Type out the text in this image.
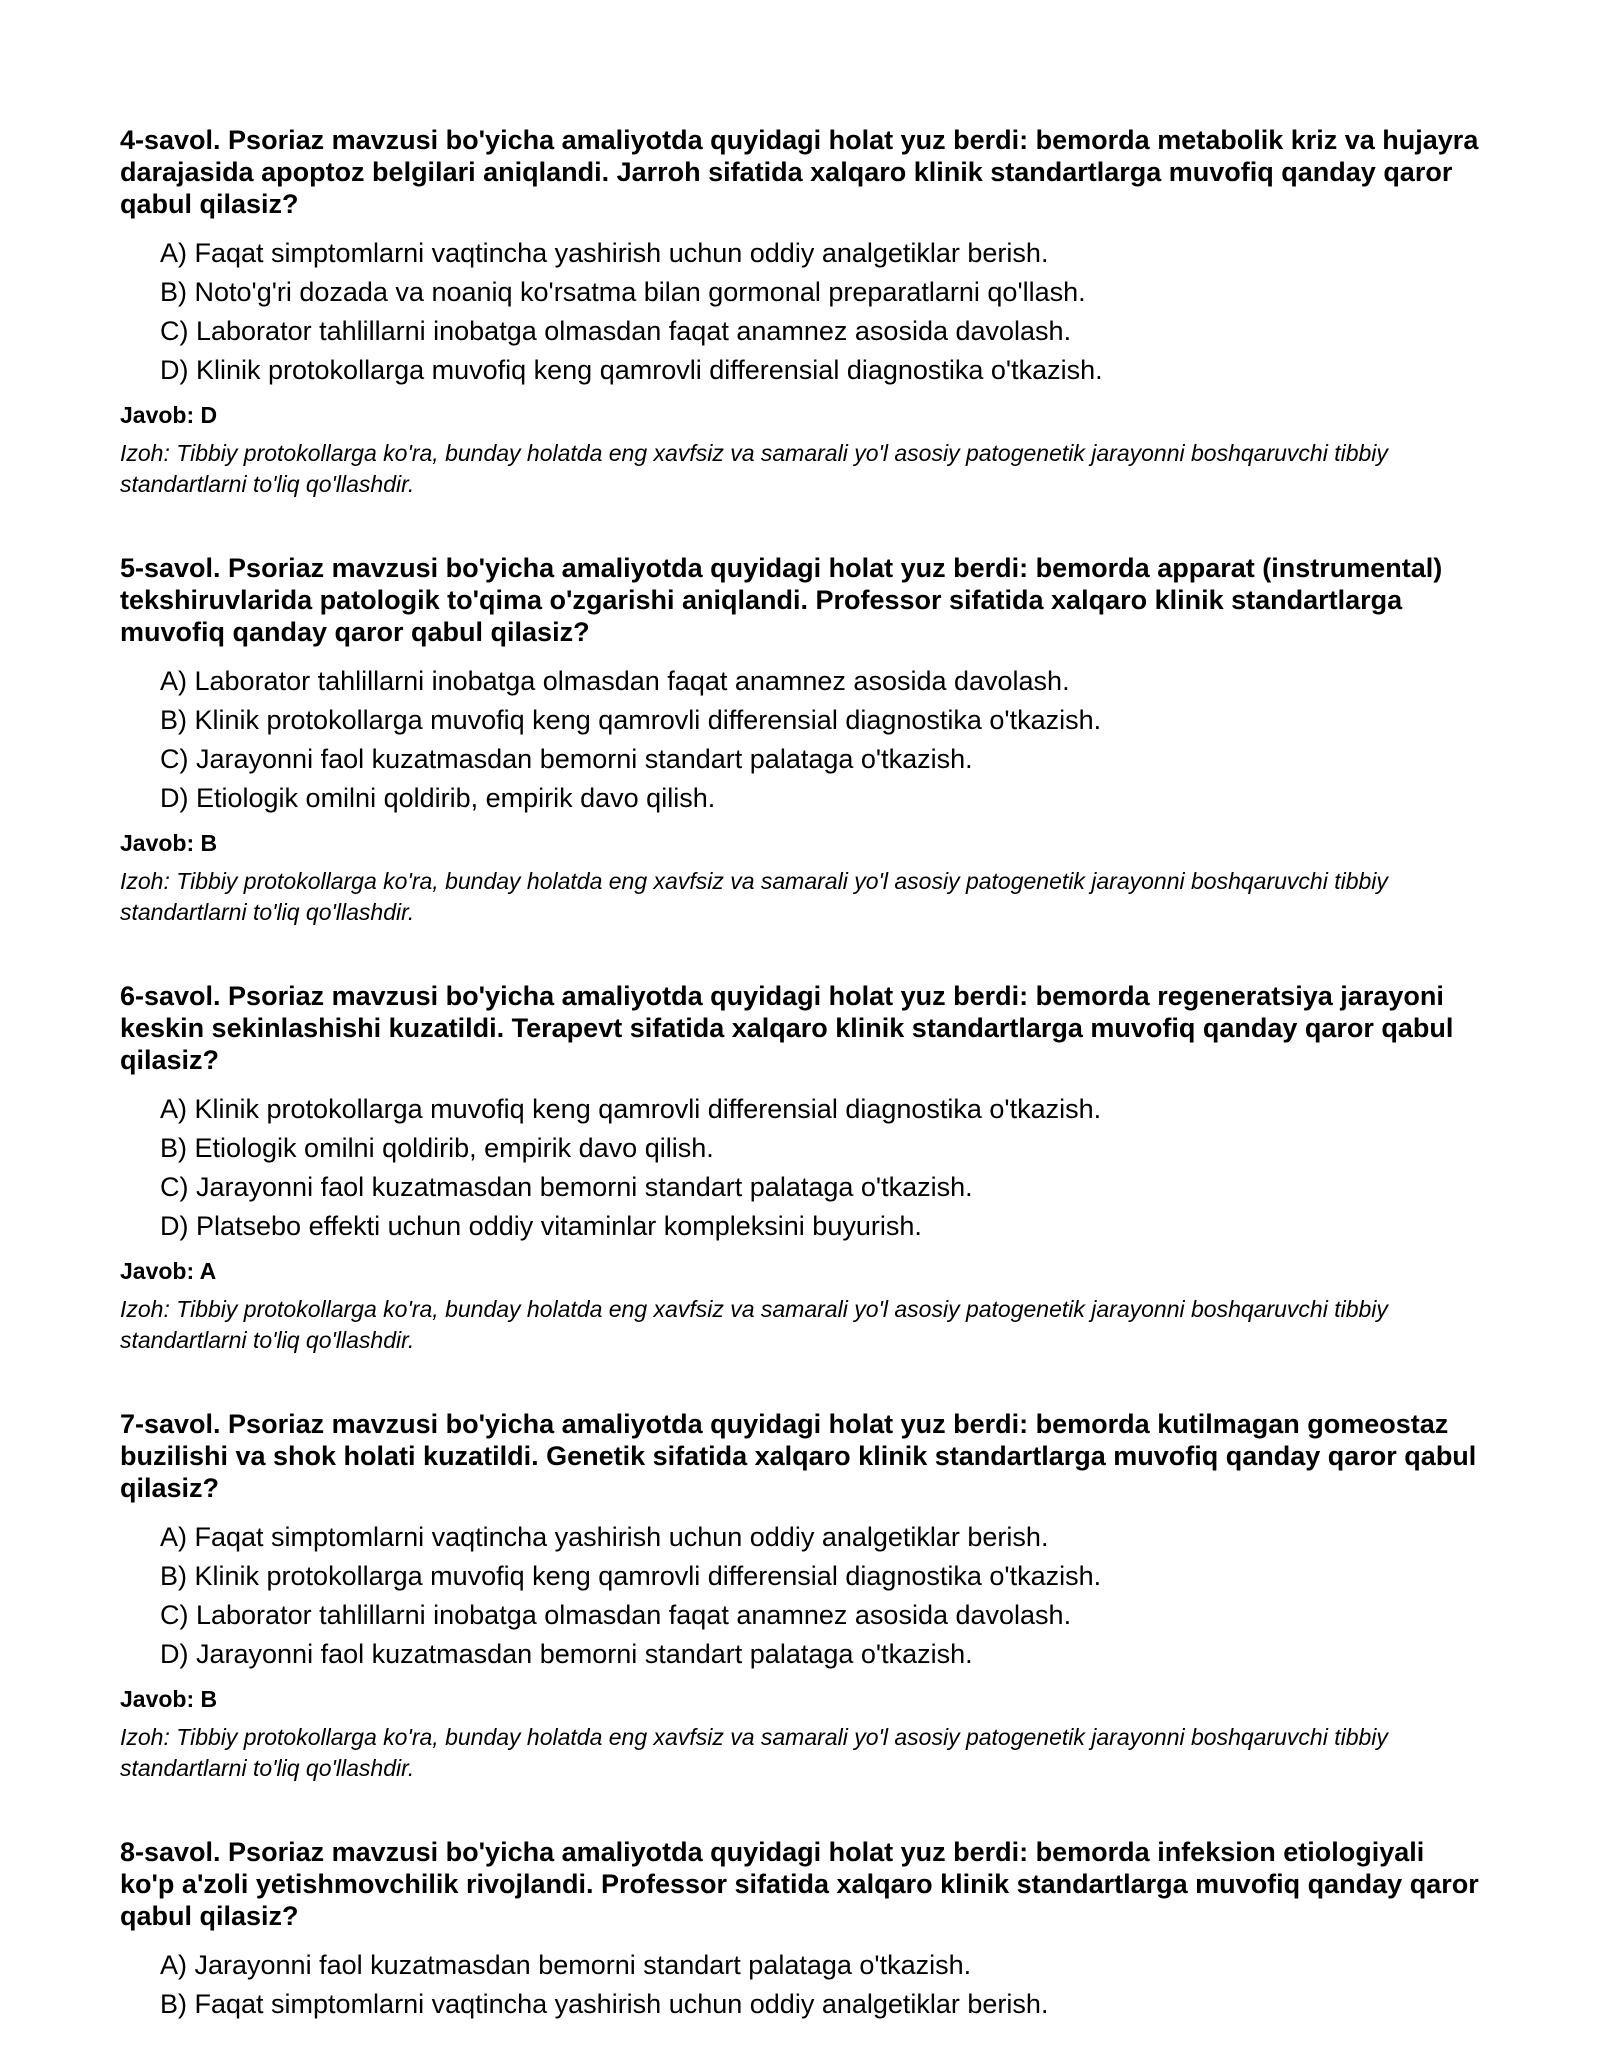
4-savol. Psoriaz mavzusi bo'yicha amaliyotda quyidagi holat yuz berdi: bemorda metabolik kriz va hujayra darajasida apoptoz belgilari aniqlandi. Jarroh sifatida xalqaro klinik standartlarga muvofiq qanday qaror qabul qilasiz?
A) Faqat simptomlarni vaqtincha yashirish uchun oddiy analgetiklar berish.
B) Noto'g'ri dozada va noaniq ko'rsatma bilan gormonal preparatlarni qo'llash.
C) Laborator tahlillarni inobatga olmasdan faqat anamnez asosida davolash.
D) Klinik protokollarga muvofiq keng qamrovli differensial diagnostika o'tkazish.
Javob: D
Izoh: Tibbiy protokollarga ko'ra, bunday holatda eng xavfsiz va samarali yo'l asosiy patogenetik jarayonni boshqaruvchi tibbiy standartlarni to'liq qo'llashdir.
5-savol. Psoriaz mavzusi bo'yicha amaliyotda quyidagi holat yuz berdi: bemorda apparat (instrumental) tekshiruvlarida patologik to'qima o'zgarishi aniqlandi. Professor sifatida xalqaro klinik standartlarga muvofiq qanday qaror qabul qilasiz?
A) Laborator tahlillarni inobatga olmasdan faqat anamnez asosida davolash.
B) Klinik protokollarga muvofiq keng qamrovli differensial diagnostika o'tkazish.
C) Jarayonni faol kuzatmasdan bemorni standart palataga o'tkazish.
D) Etiologik omilni qoldirib, empirik davo qilish.
Javob: B
Izoh: Tibbiy protokollarga ko'ra, bunday holatda eng xavfsiz va samarali yo'l asosiy patogenetik jarayonni boshqaruvchi tibbiy standartlarni to'liq qo'llashdir.
6-savol. Psoriaz mavzusi bo'yicha amaliyotda quyidagi holat yuz berdi: bemorda regeneratsiya jarayoni keskin sekinlashishi kuzatildi. Terapevt sifatida xalqaro klinik standartlarga muvofiq qanday qaror qabul qilasiz?
A) Klinik protokollarga muvofiq keng qamrovli differensial diagnostika o'tkazish.
B) Etiologik omilni qoldirib, empirik davo qilish.
C) Jarayonni faol kuzatmasdan bemorni standart palataga o'tkazish.
D) Platsebo effekti uchun oddiy vitaminlar kompleksini buyurish.
Javob: A
Izoh: Tibbiy protokollarga ko'ra, bunday holatda eng xavfsiz va samarali yo'l asosiy patogenetik jarayonni boshqaruvchi tibbiy standartlarni to'liq qo'llashdir.
7-savol. Psoriaz mavzusi bo'yicha amaliyotda quyidagi holat yuz berdi: bemorda kutilmagan gomeostaz buzilishi va shok holati kuzatildi. Genetik sifatida xalqaro klinik standartlarga muvofiq qanday qaror qabul qilasiz?
A) Faqat simptomlarni vaqtincha yashirish uchun oddiy analgetiklar berish.
B) Klinik protokollarga muvofiq keng qamrovli differensial diagnostika o'tkazish.
C) Laborator tahlillarni inobatga olmasdan faqat anamnez asosida davolash.
D) Jarayonni faol kuzatmasdan bemorni standart palataga o'tkazish.
Javob: B
Izoh: Tibbiy protokollarga ko'ra, bunday holatda eng xavfsiz va samarali yo'l asosiy patogenetik jarayonni boshqaruvchi tibbiy standartlarni to'liq qo'llashdir.
8-savol. Psoriaz mavzusi bo'yicha amaliyotda quyidagi holat yuz berdi: bemorda infeksion etiologiyali ko'p a'zoli yetishmovchilik rivojlandi. Professor sifatida xalqaro klinik standartlarga muvofiq qanday qaror qabul qilasiz?
A) Jarayonni faol kuzatmasdan bemorni standart palataga o'tkazish.
B) Faqat simptomlarni vaqtincha yashirish uchun oddiy analgetiklar berish.
